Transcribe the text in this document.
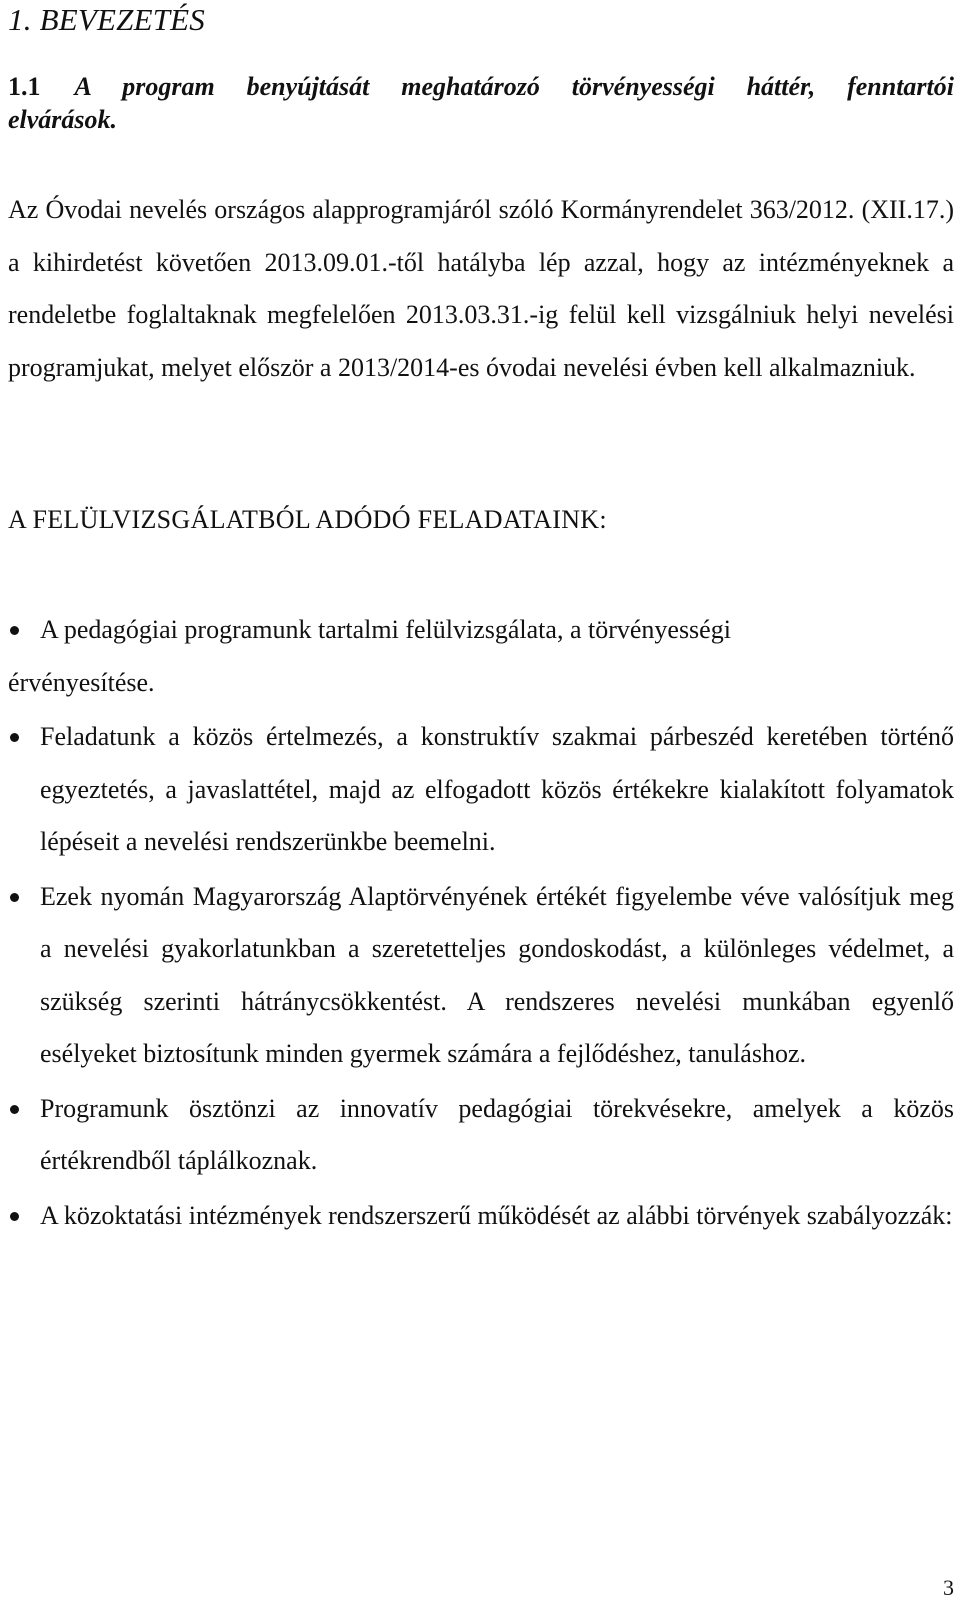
1. BEVEZETÉS
1.1 A program benyújtását meghatározó törvényességi háttér, fenntartói elvárások.

Az Óvodai nevelés országos alapprogramjáról szóló Kormányrendelet 363/2012. (XII.17.) a kihirdetést követően 2013.09.01.-től hatályba lép azzal, hogy az intézményeknek a rendeletbe foglaltaknak megfelelően 2013.03.31.-ig felül kell vizsgálniuk helyi nevelési programjukat, melyet először a 2013/2014-es óvodai nevelési évben kell alkalmazniuk.

A FELÜLVIZSGÁLATBÓL ADÓDÓ FELADATAINK:

A pedagógiai programunk tartalmi felülvizsgálata, a törvényességi
érvényesítése.
Feladatunk a közös értelmezés, a konstruktív szakmai párbeszéd keretében történő egyeztetés, a javaslattétel, majd az elfogadott közös értékekre kialakított folyamatok lépéseit a nevelési rendszerünkbe beemelni.
Ezek nyomán Magyarország Alaptörvényének értékét figyelembe véve valósítjuk meg a nevelési gyakorlatunkban a szeretetteljes gondoskodást, a különleges védelmet, a szükség szerinti hátránycsökkentést. A rendszeres nevelési munkában egyenlő esélyeket biztosítunk minden gyermek számára a fejlődéshez, tanuláshoz.
Programunk ösztönzi az innovatív pedagógiai törekvésekre, amelyek a közös értékrendből táplálkoznak.
A közoktatási intézmények rendszerszerű működését az alábbi törvények szabályozzák:

3
